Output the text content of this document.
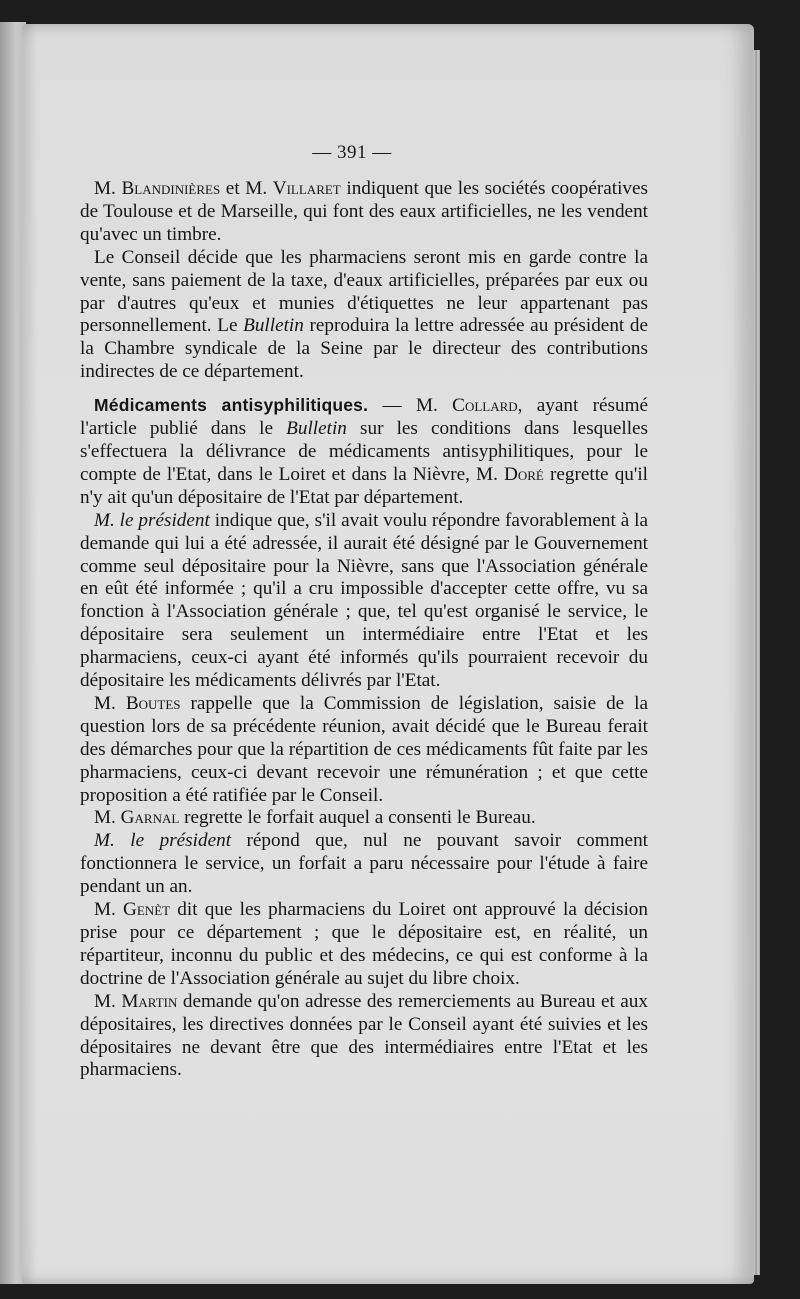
— 391 —

M. Blandinières et M. Villaret indiquent que les sociétés coopératives de Toulouse et de Marseille, qui font des eaux artificielles, ne les vendent qu'avec un timbre.

Le Conseil décide que les pharmaciens seront mis en garde contre la vente, sans paiement de la taxe, d'eaux artificielles, préparées par eux ou par d'autres qu'eux et munies d'étiquettes ne leur appartenant pas personnellement. Le Bulletin reproduira la lettre adressée au président de la Chambre syndicale de la Seine par le directeur des contributions indirectes de ce département.

Médicaments antisyphilitiques. — M. Collard, ayant résumé l'article publié dans le Bulletin sur les conditions dans lesquelles s'effectuera la délivrance de médicaments antisyphilitiques, pour le compte de l'Etat, dans le Loiret et dans la Nièvre, M. Doré regrette qu'il n'y ait qu'un dépositaire de l'Etat par département.

M. le président indique que, s'il avait voulu répondre favorablement à la demande qui lui a été adressée, il aurait été désigné par le Gouvernement comme seul dépositaire pour la Nièvre, sans que l'Association générale en eût été informée ; qu'il a cru impossible d'accepter cette offre, vu sa fonction à l'Association générale ; que, tel qu'est organisé le service, le dépositaire sera seulement un intermédiaire entre l'Etat et les pharmaciens, ceux-ci ayant été informés qu'ils pourraient recevoir du dépositaire les médicaments délivrés par l'Etat.

M. Boutes rappelle que la Commission de législation, saisie de la question lors de sa précédente réunion, avait décidé que le Bureau ferait des démarches pour que la répartition de ces médicaments fût faite par les pharmaciens, ceux-ci devant recevoir une rémunération ; et que cette proposition a été ratifiée par le Conseil.

M. Garnal regrette le forfait auquel a consenti le Bureau.

M. le président répond que, nul ne pouvant savoir comment fonctionnera le service, un forfait a paru nécessaire pour l'étude à faire pendant un an.

M. Genèt dit que les pharmaciens du Loiret ont approuvé la décision prise pour ce département ; que le dépositaire est, en réalité, un répartiteur, inconnu du public et des médecins, ce qui est conforme à la doctrine de l'Association générale au sujet du libre choix.

M. Martin demande qu'on adresse des remerciements au Bureau et aux dépositaires, les directives données par le Conseil ayant été suivies et les dépositaires ne devant être que des intermédiaires entre l'Etat et les pharmaciens.
